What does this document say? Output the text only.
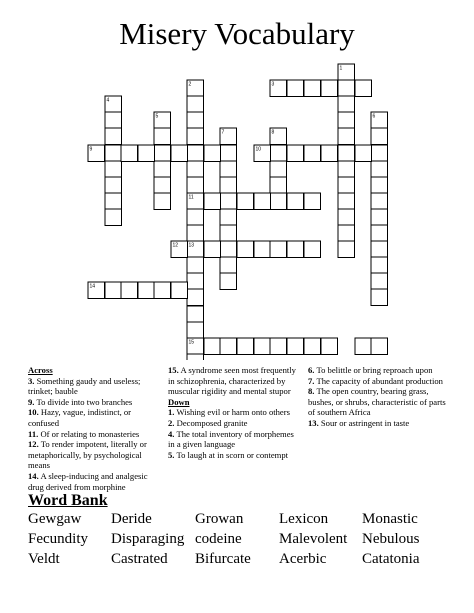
Misery Vocabulary
1
2	3
4
5	6
7	8
9	10
11
12 13
14
15
Across
3. Something gaudy and useless; trinket; bauble
9. To divide into two branches
10. Hazy, vague, indistinct, or confused
11. Of or relating to monasteries
12. To render impotent, literally or metaphorically, by psychological means
14. A sleep-inducing and analgesic drug derived from morphine
15. A syndrome seen most frequently in schizophrenia, characterized by muscular rigidity and mental stupor
Down
1. Wishing evil or harm onto others
2. Decomposed granite
4. The total inventory of morphemes in a given language
5. To laugh at in scorn or contempt
6. To belittle or bring reproach upon
7. The capacity of abundant production
8. The open country, bearing grass, bushes, or shrubs, characteristic of parts of southern Africa
13. Sour or astringent in taste
Word Bank
Gewgaw Deride	Growan Lexicon Monastic
Fecundity Disparaging codeine Malevolent Nebulous
Veldt	Castrated Bifurcate Acerbic Catatonia
